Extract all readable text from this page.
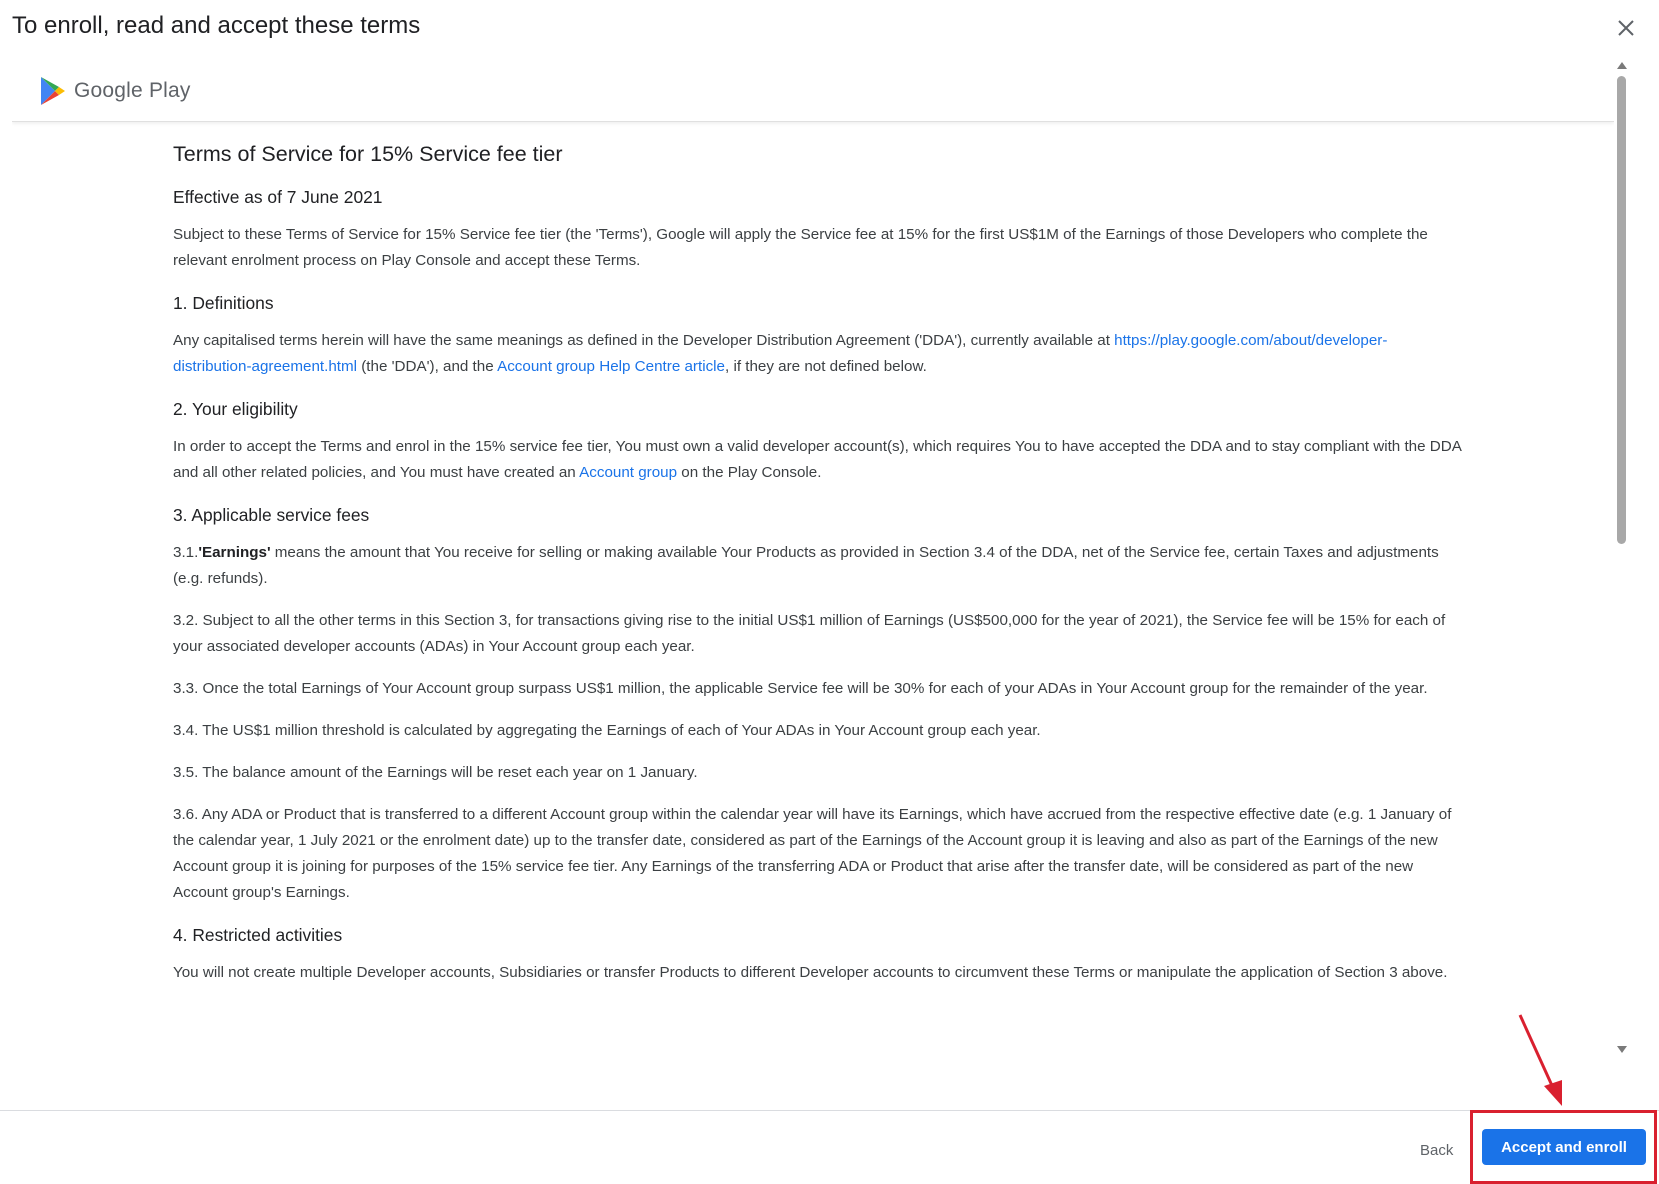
To enroll, read and accept these terms
Google Play
Terms of Service for 15% Service fee tier
Effective as of 7 June 2021

Subject to these Terms of Service for 15% Service fee tier (the 'Terms'), Google will apply the Service fee at 15% for the first US$1M of the Earnings of those Developers who complete the relevant enrolment process on Play Console and accept these Terms.

1. Definitions

Any capitalised terms herein will have the same meanings as defined in the Developer Distribution Agreement ('DDA'), currently available at https://play.google.com/about/developer-distribution-agreement.html (the 'DDA'), and the Account group Help Centre article, if they are not defined below.

2. Your eligibility

In order to accept the Terms and enrol in the 15% service fee tier, You must own a valid developer account(s), which requires You to have accepted the DDA and to stay compliant with the DDA and all other related policies, and You must have created an Account group on the Play Console.

3. Applicable service fees

3.1.'Earnings' means the amount that You receive for selling or making available Your Products as provided in Section 3.4 of the DDA, net of the Service fee, certain Taxes and adjustments (e.g. refunds).

3.2. Subject to all the other terms in this Section 3, for transactions giving rise to the initial US$1 million of Earnings (US$500,000 for the year of 2021), the Service fee will be 15% for each of your associated developer accounts (ADAs) in Your Account group each year.

3.3. Once the total Earnings of Your Account group surpass US$1 million, the applicable Service fee will be 30% for each of your ADAs in Your Account group for the remainder of the year.

3.4. The US$1 million threshold is calculated by aggregating the Earnings of each of Your ADAs in Your Account group each year.

3.5. The balance amount of the Earnings will be reset each year on 1 January.

3.6. Any ADA or Product that is transferred to a different Account group within the calendar year will have its Earnings, which have accrued from the respective effective date (e.g. 1 January of the calendar year, 1 July 2021 or the enrolment date) up to the transfer date, considered as part of the Earnings of the Account group it is leaving and also as part of the Earnings of the new Account group it is joining for purposes of the 15% service fee tier. Any Earnings of the transferring ADA or Product that arise after the transfer date, will be considered as part of the new Account group's Earnings.

4. Restricted activities

You will not create multiple Developer accounts, Subsidiaries or transfer Products to different Developer accounts to circumvent these Terms or manipulate the application of Section 3 above.

Back	Accept and enroll
